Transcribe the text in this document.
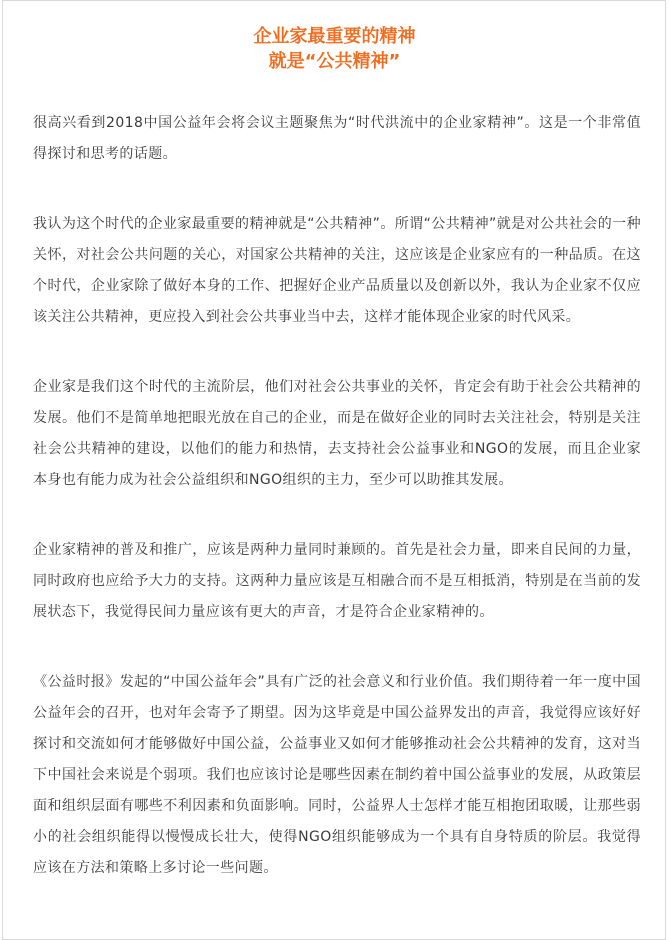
企业家最重要的精神
就是“公共精神”

很高兴看到2018中国公益年会将会议主题聚焦为“时代洪流中的企业家精神”。这是一个非常值得探讨和思考的话题。

我认为这个时代的企业家最重要的精神就是“公共精神”。所谓“公共精神”就是对公共社会的一种关怀，对社会公共问题的关心，对国家公共精神的关注，这应该是企业家应有的一种品质。在这个时代，企业家除了做好本身的工作、把握好企业产品质量以及创新以外，我认为企业家不仅应该关注公共精神，更应投入到社会公共事业当中去，这样才能体现企业家的时代风采。

企业家是我们这个时代的主流阶层，他们对社会公共事业的关怀，肯定会有助于社会公共精神的发展。他们不是简单地把眼光放在自己的企业，而是在做好企业的同时去关注社会，特别是关注社会公共精神的建设，以他们的能力和热情，去支持社会公益事业和NGO的发展，而且企业家本身也有能力成为社会公益组织和NGO组织的主力，至少可以助推其发展。

企业家精神的普及和推广，应该是两种力量同时兼顾的。首先是社会力量，即来自民间的力量，同时政府也应给予大力的支持。这两种力量应该是互相融合而不是互相抵消，特别是在当前的发展状态下，我觉得民间力量应该有更大的声音，才是符合企业家精神的。

《公益时报》发起的“中国公益年会”具有广泛的社会意义和行业价值。我们期待着一年一度中国公益年会的召开，也对年会寄予了期望。因为这毕竟是中国公益界发出的声音，我觉得应该好好探讨和交流如何才能够做好中国公益，公益事业又如何才能够推动社会公共精神的发育，这对当下中国社会来说是个弱项。我们也应该讨论是哪些因素在制约着中国公益事业的发展，从政策层面和组织层面有哪些不利因素和负面影响。同时，公益界人士怎样才能互相抱团取暖，让那些弱小的社会组织能得以慢慢成长壮大，使得NGO组织能够成为一个具有自身特质的阶层。我觉得应该在方法和策略上多讨论一些问题。
